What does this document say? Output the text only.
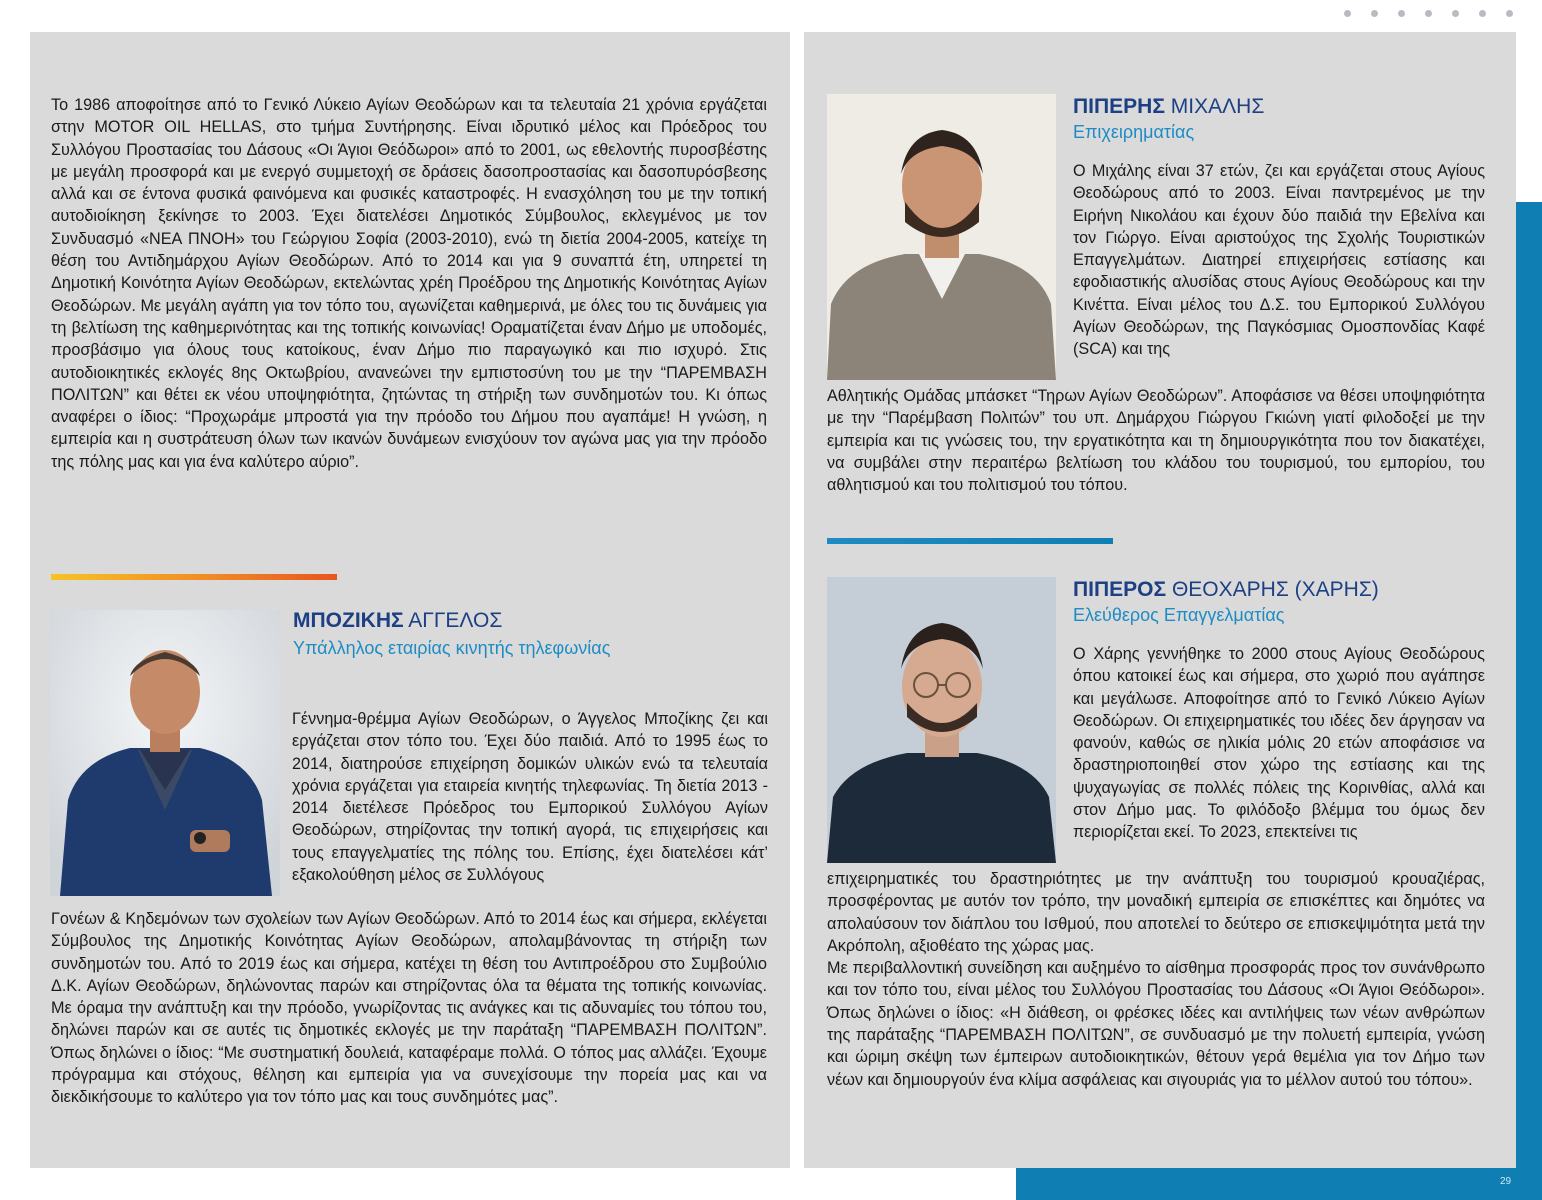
29

Το 1986 αποφοίτησε από το Γενικό Λύκειο Αγίων Θεοδώρων και τα τελευταία 21 χρόνια εργάζεται στην MOTOR OIL HELLAS, στο τμήμα Συντήρησης. Είναι ιδρυτικό μέλος και Πρόεδρος του Συλλόγου Προστασίας του Δάσους «Οι Άγιοι Θεόδωροι» από το 2001, ως εθελοντής πυροσβέστης με μεγάλη προσφορά και με ενεργό συμμετοχή σε δράσεις δασοπροστασίας και δασοπυρόσβεσης αλλά και σε έντονα φυσικά φαινόμενα και φυσικές καταστροφές. Η ενασχόληση του με την τοπική αυτοδιοίκηση ξεκίνησε το 2003. Έχει διατελέσει Δημοτικός Σύμβουλος, εκλεγμένος με τον Συνδυασμό «ΝΕΑ ΠΝΟΗ» του Γεώργιου Σοφία (2003-2010), ενώ τη διετία 2004-2005, κατείχε τη θέση του Αντιδημάρχου Αγίων Θεοδώρων. Από το 2014 και για 9 συναπτά έτη, υπηρετεί τη Δημοτική Κοινότητα Αγίων Θεοδώρων, εκτελώντας χρέη Προέδρου της Δημοτικής Κοινότητας Αγίων Θεοδώρων. Με μεγάλη αγάπη για τον τόπο του, αγωνίζεται καθημερινά, με όλες του τις δυνάμεις για τη βελτίωση της καθημερινότητας και της τοπικής κοινωνίας! Οραματίζεται έναν Δήμο με υποδομές, προσβάσιμο για όλους τους κατοίκους, έναν Δήμο πιο παραγωγικό και πιο ισχυρό. Στις αυτοδιοικητικές εκλογές 8ης Οκτωβρίου, ανανεώνει την εμπιστοσύνη του με την “ΠΑΡΕΜΒΑΣΗ ΠΟΛΙΤΩΝ” και θέτει εκ νέου υποψηφιότητα, ζητώντας τη στήριξη των συνδημοτών του. Κι όπως αναφέρει ο ίδιος: “Προχωράμε μπροστά για την πρόοδο του Δήμου που αγαπάμε! Η γνώση, η εμπειρία και η συστράτευση όλων των ικανών δυνάμεων ενισχύουν τον αγώνα μας για την πρόοδο της πόλης μας και για ένα καλύτερο αύριο”.

ΜΠΟΖΙΚΗΣ ΑΓΓΕΛΟΣ
Υπάλληλος εταιρίας κινητής τηλεφωνίας

Γέννημα-θρέμμα Αγίων Θεοδώρων, ο Άγγελος Μποζίκης ζει και εργάζεται στον τόπο του. Έχει δύο παιδιά. Από το 1995 έως το 2014, διατηρούσε επιχείρηση δομικών υλικών ενώ τα τελευταία χρόνια εργάζεται για εταιρεία κινητής τηλεφωνίας. Τη διετία 2013 - 2014 διετέλεσε Πρόεδρος του Εμπορικού Συλλόγου Αγίων Θεοδώρων, στηρίζοντας την τοπική αγορά, τις επιχειρήσεις και τους επαγγελματίες της πόλης του. Επίσης, έχει διατελέσει κάτ’ εξακολούθηση μέλος σε Συλλόγους

Γονέων & Κηδεμόνων των σχολείων των Αγίων Θεοδώρων. Από το 2014 έως και σήμερα, εκλέγεται Σύμβουλος της Δημοτικής Κοινότητας Αγίων Θεοδώρων, απολαμβάνοντας τη στήριξη των συνδημοτών του. Από το 2019 έως και σήμερα, κατέχει τη θέση του Αντιπροέδρου στο Συμβούλιο Δ.Κ. Αγίων Θεοδώρων, δηλώνοντας παρών και στηρίζοντας όλα τα θέματα της τοπικής κοινωνίας. Με όραμα την ανάπτυξη και την πρόοδο, γνωρίζοντας τις ανάγκες και τις αδυναμίες του τόπου του, δηλώνει παρών και σε αυτές τις δημοτικές εκλογές με την παράταξη “ΠΑΡΕΜΒΑΣΗ ΠΟΛΙΤΩΝ”. Όπως δηλώνει ο ίδιος: “Με συστηματική δουλειά, καταφέραμε πολλά. Ο τόπος μας αλλάζει. Έχουμε πρόγραμμα και στόχους, θέληση και εμπειρία για να συνεχίσουμε την πορεία μας και να διεκδικήσουμε το καλύτερο για τον τόπο μας και τους συνδημότες μας”.

ΠΙΠΕΡΗΣ ΜΙΧΑΛΗΣ
Επιχειρηματίας

Ο Μιχάλης είναι 37 ετών, ζει και εργάζεται στους Αγίους Θεοδώρους από το 2003. Είναι παντρεμένος με την Ειρήνη Νικολάου και έχουν δύο παιδιά την Εβελίνα και τον Γιώργο. Είναι αριστούχος της Σχολής Τουριστικών Επαγγελμάτων. Διατηρεί επιχειρήσεις εστίασης και εφοδιαστικής αλυσίδας στους Αγίους Θεοδώρους και την Κινέττα. Είναι μέλος του Δ.Σ. του Εμπορικού Συλλόγου Αγίων Θεοδώρων, της Παγκόσμιας Ομοσπονδίας Καφέ (SCA) και της

Αθλητικής Ομάδας μπάσκετ “Τηρων Αγίων Θεοδώρων”. Αποφάσισε να θέσει υποψηφιότητα με την “Παρέμβαση Πολιτών” του υπ. Δημάρχου Γιώργου Γκιώνη γιατί φιλοδοξεί με την εμπειρία και τις γνώσεις του, την εργατικότητα και τη δημιουργικότητα που τον διακατέχει, να συμβάλει στην περαιτέρω βελτίωση του κλάδου του τουρισμού, του εμπορίου, του αθλητισμού και του πολιτισμού του τόπου.

ΠΙΠΕΡΟΣ ΘΕΟΧΑΡΗΣ (ΧΑΡΗΣ)
Ελεύθερος Επαγγελματίας

Ο Χάρης γεννήθηκε το 2000 στους Αγίους Θεοδώρους όπου κατοικεί έως και σήμερα, στο χωριό που αγάπησε και μεγάλωσε. Αποφοίτησε από το Γενικό Λύκειο Αγίων Θεοδώρων. Οι επιχειρηματικές του ιδέες δεν άργησαν να φανούν, καθώς σε ηλικία μόλις 20 ετών αποφάσισε να δραστηριοποιηθεί στον χώρο της εστίασης και της ψυχαγωγίας σε πολλές πόλεις της Κορινθίας, αλλά και στον Δήμο μας. Το φιλόδοξο βλέμμα του όμως δεν περιορίζεται εκεί. Το 2023, επεκτείνει τις

επιχειρηματικές του δραστηριότητες με την ανάπτυξη του τουρισμού κρουαζιέρας, προσφέροντας με αυτόν τον τρόπο, την μοναδική εμπειρία σε επισκέπτες και δημότες να απολαύσουν τον διάπλου του Ισθμού, που αποτελεί το δεύτερο σε επισκεψιμότητα μετά την Ακρόπολη, αξιοθέατο της χώρας μας.

Με περιβαλλοντική συνείδηση και αυξημένο το αίσθημα προσφοράς προς τον συνάνθρωπο και τον τόπο του, είναι μέλος του Συλλόγου Προστασίας του Δάσους «Οι Άγιοι Θεόδωροι». Όπως δηλώνει ο ίδιος: «Η διάθεση, οι φρέσκες ιδέες και αντιλήψεις των νέων ανθρώπων της παράταξης “ΠΑΡΕΜΒΑΣΗ ΠΟΛΙΤΩΝ”, σε συνδυασμό με την πολυετή εμπειρία, γνώση και ώριμη σκέψη των έμπειρων αυτοδιοικητικών, θέτουν γερά θεμέλια για τον Δήμο των νέων και δημιουργούν ένα κλίμα ασφάλειας και σιγουριάς για το μέλλον αυτού του τόπου».
